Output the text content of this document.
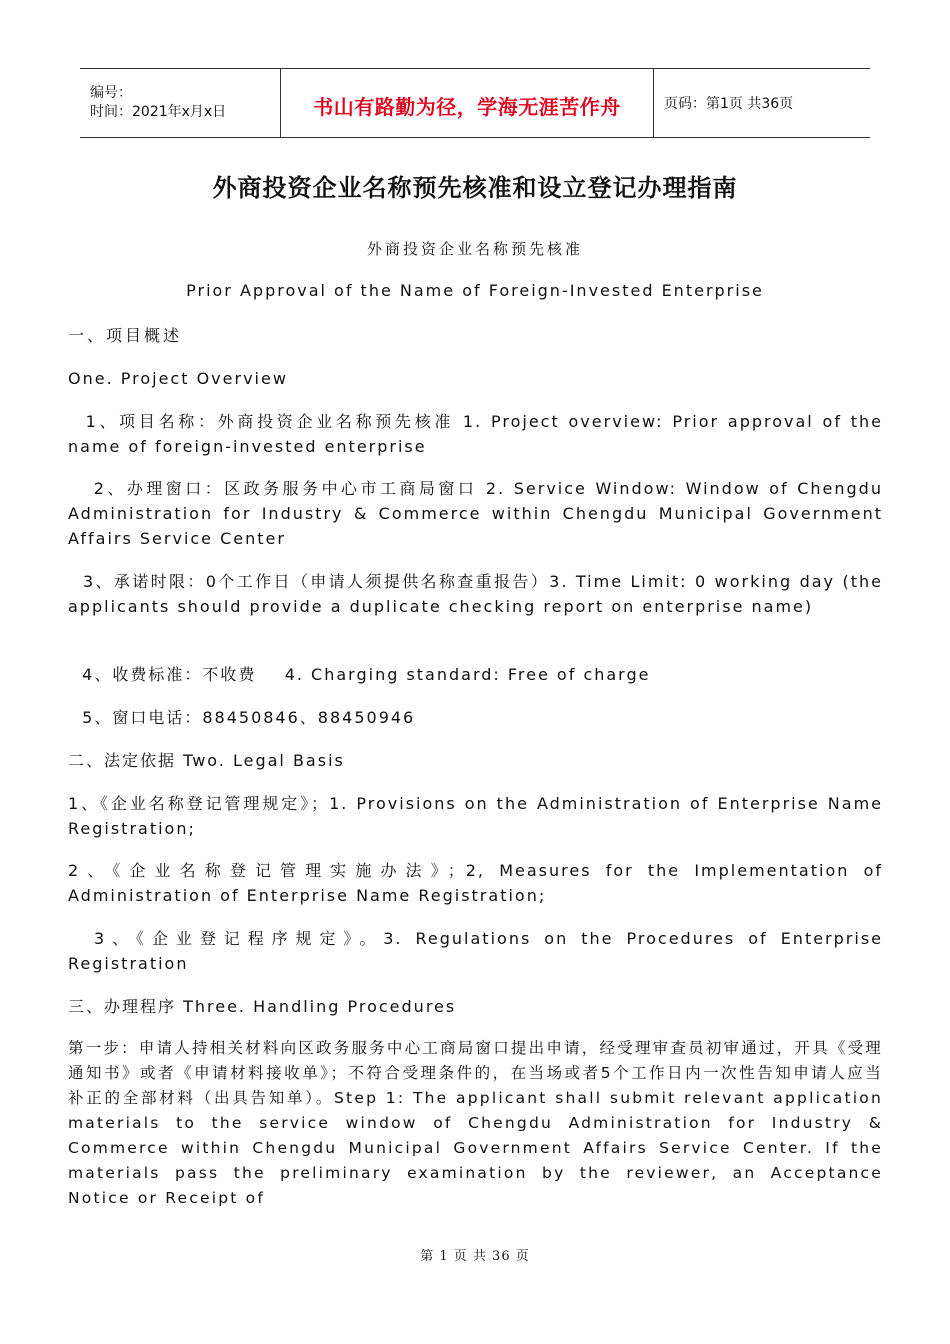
编号：
时间：2021年x月x日	书山有路勤为径，学海无涯苦作舟	页码：第1页 共36页
外商投资企业名称预先核准和设立登记办理指南
外商投资企业名称预先核准
Prior Approval of the Name of Foreign-Invested Enterprise

一、项目概述

One. Project Overview

1、项目名称：外商投资企业名称预先核准 1. Project overview: Prior approval of the name of foreign-invested enterprise

2、办理窗口：区政务服务中心市工商局窗口 2. Service Window: Window of Chengdu Administration for Industry & Commerce within Chengdu Municipal Government Affairs Service Center

3、承诺时限：0个工作日（申请人须提供名称查重报告）3. Time Limit: 0 working day (the applicants should provide a duplicate checking report on enterprise name)

4、收费标准：不收费    4. Charging standard: Free of charge

5、窗口电话：88450846、88450946

二、法定依据 Two. Legal Basis

1、《企业名称登记管理规定》；1. Provisions on the Administration of Enterprise Name Registration;

2、《企业名称登记管理实施办法》；2, Measures for the Implementation of Administration of Enterprise Name Registration;

3、《企业登记程序规定》。3. Regulations on the Procedures of Enterprise Registration

三、办理程序 Three. Handling Procedures

第一步：申请人持相关材料向区政务服务中心工商局窗口提出申请，经受理审查员初审通过，开具《受理通知书》或者《申请材料接收单》；不符合受理条件的，在当场或者5个工作日内一次性告知申请人应当补正的全部材料（出具告知单）。Step 1: The applicant shall submit relevant application materials to the service window of Chengdu Administration for Industry & Commerce within Chengdu Municipal Government Affairs Service Center. If the materials pass the preliminary examination by the reviewer, an Acceptance Notice or Receipt of

第 1 页 共 36 页
